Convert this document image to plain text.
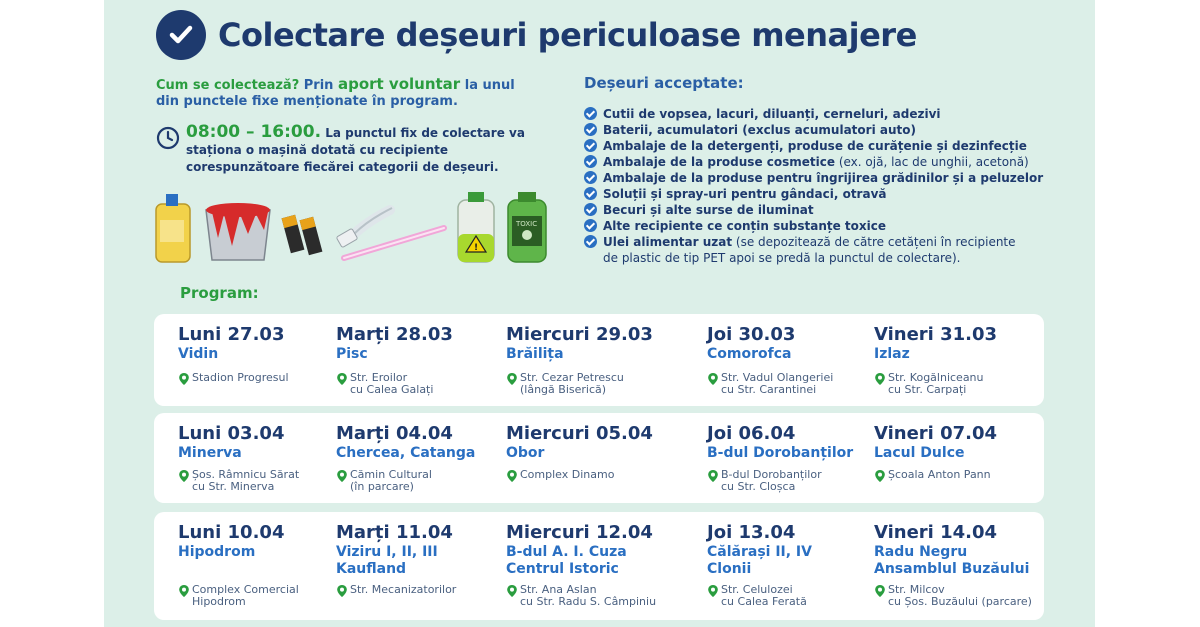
Colectare deșeuri periculoase menajere
Cum se colectează? Prin aport voluntar la unul
din punctele fixe menționate în program.
08:00 – 16:00. La punctul fix de colectare va
staționa o mașină dotată cu recipiente
corespunzătoare fiecărei categorii de deșeuri.
!
TOXIC
Deșeuri acceptate:
Cutii de vopsea, lacuri, diluanți, cerneluri, adezivi
Baterii, acumulatori (exclus acumulatori auto)
Ambalaje de la detergenți, produse de curățenie și dezinfecție
Ambalaje de la produse cosmetice (ex. ojă, lac de unghii, acetonă)
Ambalaje de la produse pentru îngrijirea grădinilor și a peluzelor
Soluții și spray-uri pentru gândaci, otravă
Becuri și alte surse de iluminat
Alte recipiente ce conțin substanțe toxice
Ulei alimentar uzat (se depozitează de către cetățeni în recipiente
de plastic de tip PET apoi se predă la punctul de colectare).
Program:
Luni 27.03
Vidin
Stadion Progresul
Marți 28.03
Pisc
Str. Eroilor
cu Calea Galați
Miercuri 29.03
Brăilița
Str. Cezar Petrescu
(lângă Biserică)
Joi 30.03
Comorofca
Str. Vadul Olangeriei
cu Str. Carantinei
Vineri 31.03
Izlaz
Str. Kogălniceanu
cu Str. Carpați
Luni 03.04
Minerva
Șos. Râmnicu Sărat
cu Str. Minerva
Marți 04.04
Chercea, Catanga
Cămin Cultural
(în parcare)
Miercuri 05.04
Obor
Complex Dinamo
Joi 06.04
B-dul Dorobanților
B-dul Dorobanților
cu Str. Cloșca
Vineri 07.04
Lacul Dulce
Școala Anton Pann
Luni 10.04
Hipodrom
Complex Comercial
Hipodrom
Marți 11.04
Viziru I, II, III
Kaufland
Str. Mecanizatorilor
Miercuri 12.04
B-dul A. I. Cuza
Centrul Istoric
Str. Ana Aslan
cu Str. Radu S. Câmpiniu
Joi 13.04
Călărași II, IV
Clonii
Str. Celulozei
cu Calea Ferată
Vineri 14.04
Radu Negru
Ansamblul Buzăului
Str. Milcov
cu Șos. Buzăului (parcare)
